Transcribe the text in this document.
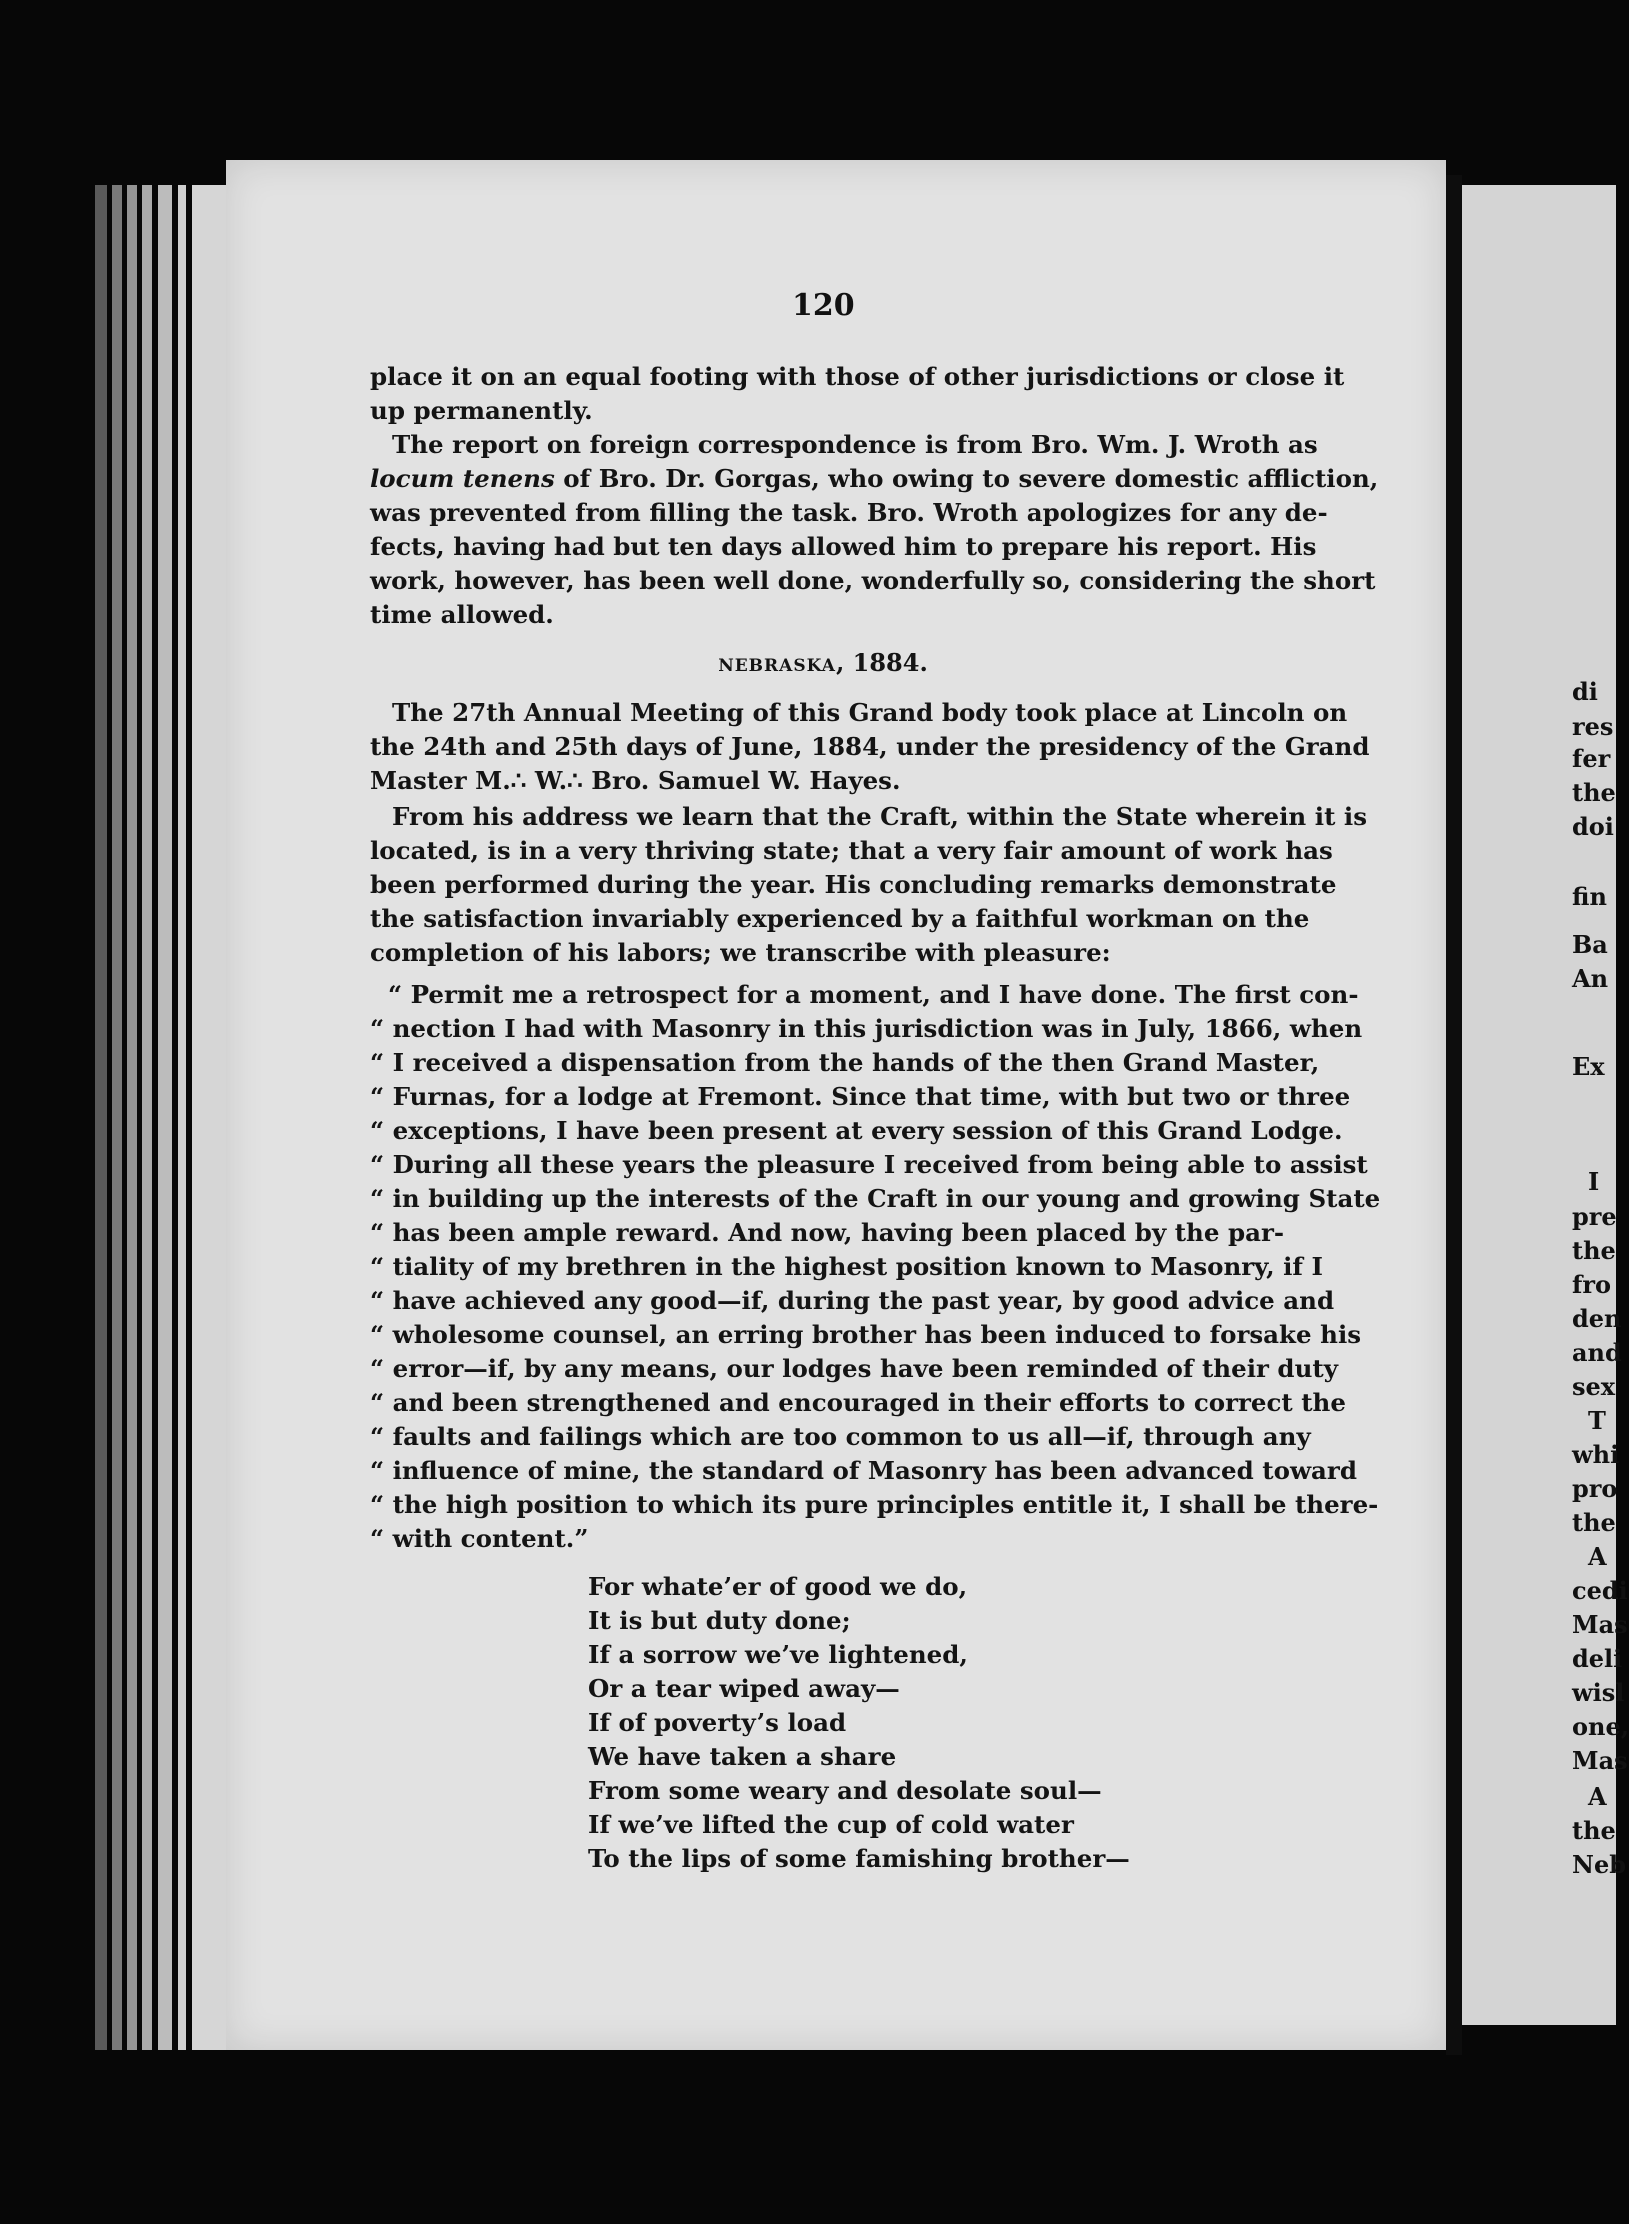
di
res
fer
the
doi
fin
Ba
An
Ex
I
pre
the
fro
den
and
sex
T
whi
pro
the
A
cedi
Mas
deli
wisl
one,
Mas
A
the
Neb
120
place it on an equal footing with those of other jurisdictions or close it
up permanently.
The report on foreign correspondence is from Bro. Wm. J. Wroth as
locum tenens of Bro. Dr. Gorgas, who owing to severe domestic affliction,
was prevented from filling the task. Bro. Wroth apologizes for any de-
fects, having had but ten days allowed him to prepare his report. His
work, however, has been well done, wonderfully so, considering the short
time allowed.
NEBRASKA, 1884.
The 27th Annual Meeting of this Grand body took place at Lincoln on
the 24th and 25th days of June, 1884, under the presidency of the Grand
Master M.∴ W.∴ Bro. Samuel W. Hayes.
From his address we learn that the Craft, within the State wherein it is
located, is in a very thriving state; that a very fair amount of work has
been performed during the year. His concluding remarks demonstrate
the satisfaction invariably experienced by a faithful workman on the
completion of his labors; we transcribe with pleasure:
“ Permit me a retrospect for a moment, and I have done. The first con-
“ nection I had with Masonry in this jurisdiction was in July, 1866, when
“ I received a dispensation from the hands of the then Grand Master,
“ Furnas, for a lodge at Fremont. Since that time, with but two or three
“ exceptions, I have been present at every session of this Grand Lodge.
“ During all these years the pleasure I received from being able to assist
“ in building up the interests of the Craft in our young and growing State
“ has been ample reward. And now, having been placed by the par-
“ tiality of my brethren in the highest position known to Masonry, if I
“ have achieved any good—if, during the past year, by good advice and
“ wholesome counsel, an erring brother has been induced to forsake his
“ error—if, by any means, our lodges have been reminded of their duty
“ and been strengthened and encouraged in their efforts to correct the
“ faults and failings which are too common to us all—if, through any
“ influence of mine, the standard of Masonry has been advanced toward
“ the high position to which its pure principles entitle it, I shall be there-
“ with content.”
For whate’er of good we do,
It is but duty done;
If a sorrow we’ve lightened,
Or a tear wiped away—
If of poverty’s load
We have taken a share
From some weary and desolate soul—
If we’ve lifted the cup of cold water
To the lips of some famishing brother—
